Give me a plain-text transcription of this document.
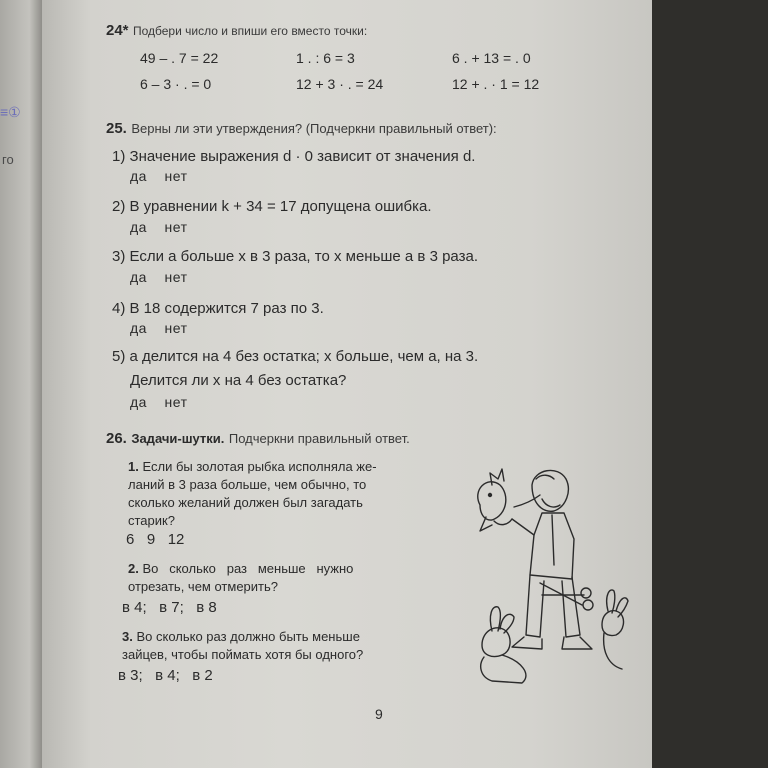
≡①
го
24* Подбери число и впиши его вместо точки:
49 – . 7 = 22	1 . : 6 = 3	6 . + 13 = . 0
6 – 3 · . = 0	12 + 3 · . = 24	12 + . · 1 = 12
25. Верны ли эти утверждения? (Подчеркни правильный ответ):
1) Значение выражения d · 0 зависит от значения d.
да    нет
2) В уравнении k + 34 = 17 допущена ошибка.
да    нет
3) Если a больше x в 3 раза, то x меньше a в 3 раза.
да    нет
4) В 18 содержится 7 раз по 3.
да    нет
5) a делится на 4 без остатка; x больше, чем a, на 3.
Делится ли x на 4 без остатка?
да    нет
26. Задачи-шутки. Подчеркни правильный ответ.
1. Если бы золотая рыбка исполняла же-
ланий в 3 раза больше, чем обычно, то
сколько желаний должен был загадать
старик?
6   9   12
2. Во   сколько   раз   меньше   нужно
отрезать, чем отмерить?
в 4;   в 7;   в 8
3. Во сколько раз должно быть меньше
зайцев, чтобы поймать хотя бы одного?
в 3;   в 4;   в 2
9
